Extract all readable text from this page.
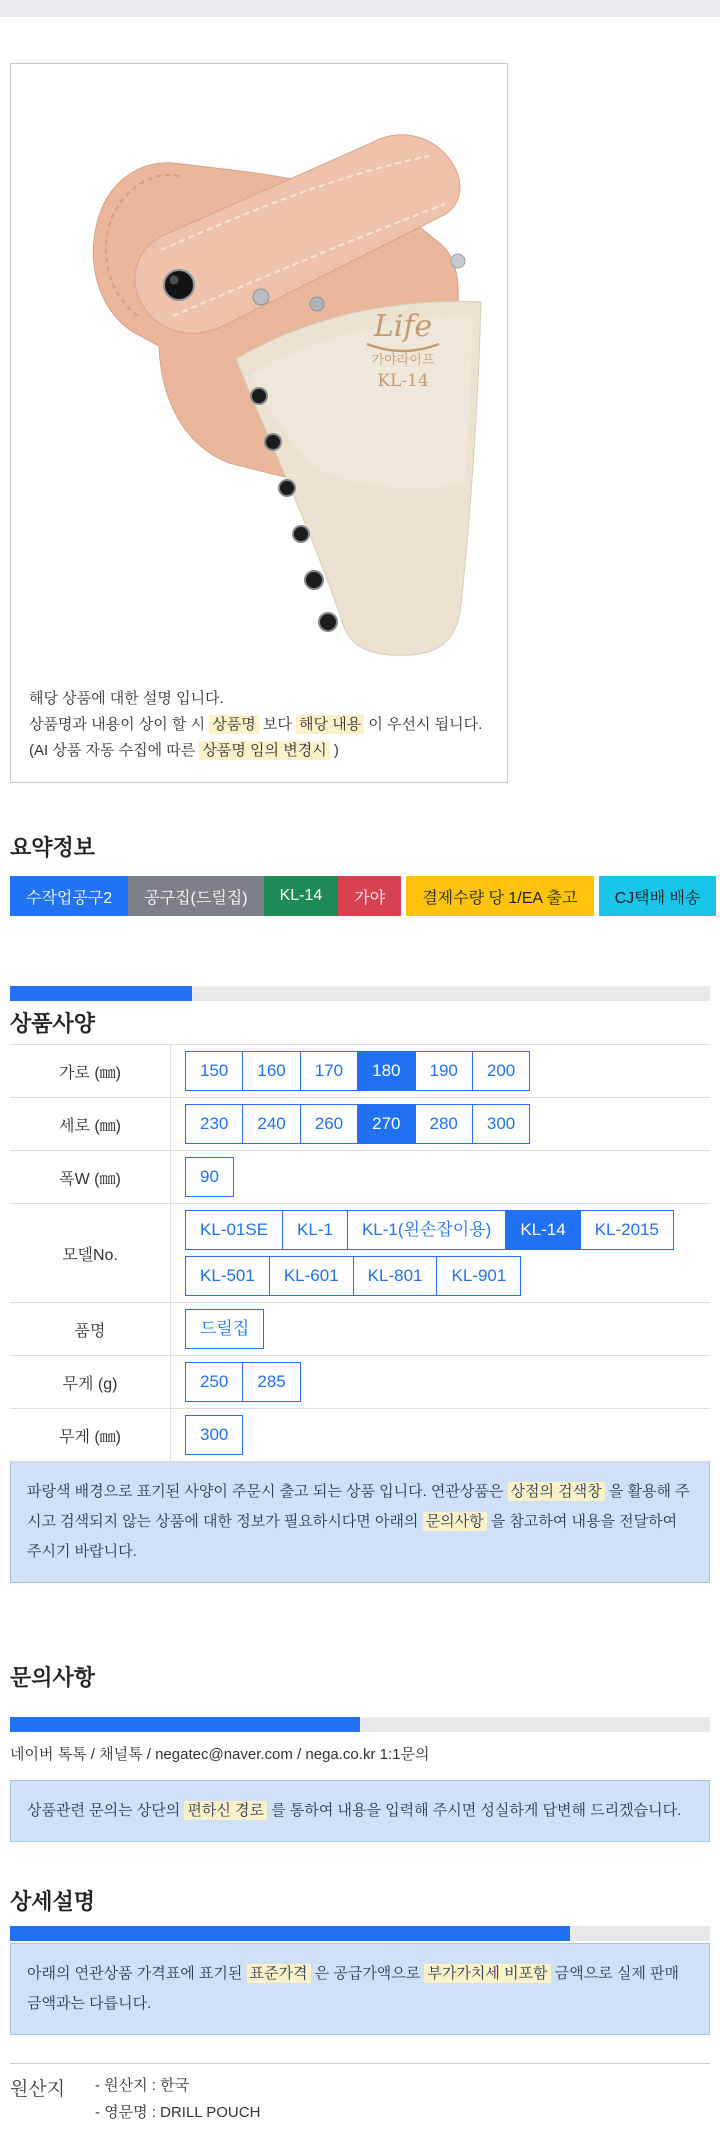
Life
가야라이프
KL-14

해당 상품에 대한 설명 입니다.

상품명과 내용이 상이 할 시 상품명 보다 해당 내용 이 우선시 됩니다.

(AI 상품 자동 수집에 따른 상품명 임의 변경시 )

요약정보
수작업공구2	공구집(드릴집)	KL-14	가야	결제수량 당 1/EA 출고	CJ택배 배송
상품사양
가로 (㎜)	150	160	170	180	190	200
세로 (㎜)	230	240	260	270	280	300
폭W (㎜)	90
모델No.
KL-01SE	KL-1	KL-1(왼손잡이용)	KL-14	KL-2015
KL-501	KL-601	KL-801	KL-901
품명	드릴집
무게 (g)	250	285
무게 (㎜)	300
파랑색 배경으로 표기된 사양이 주문시 출고 되는 상품 입니다. 연관상품은 상점의 검색창 을 활용해 주시고 검색되지 않는 상품에 대한 정보가 필요하시다면 아래의 문의사항 을 참고하여 내용을 전달하여 주시기 바랍니다.
문의사항
네이버 톡톡 / 채널톡 / negatec@naver.com / nega.co.kr 1:1문의
상품관련 문의는 상단의 편하신 경로 를 통하여 내용을 입력해 주시면 성실하게 답변해 드리겠습니다.
상세설명
아래의 연관상품 가격표에 표기된 표준가격 은 공급가액으로 부가가치세 비포함 금액으로 실제 판매금액과는 다릅니다.
원산지	- 원산지 : 한국
- 영문명 : DRILL POUCH
